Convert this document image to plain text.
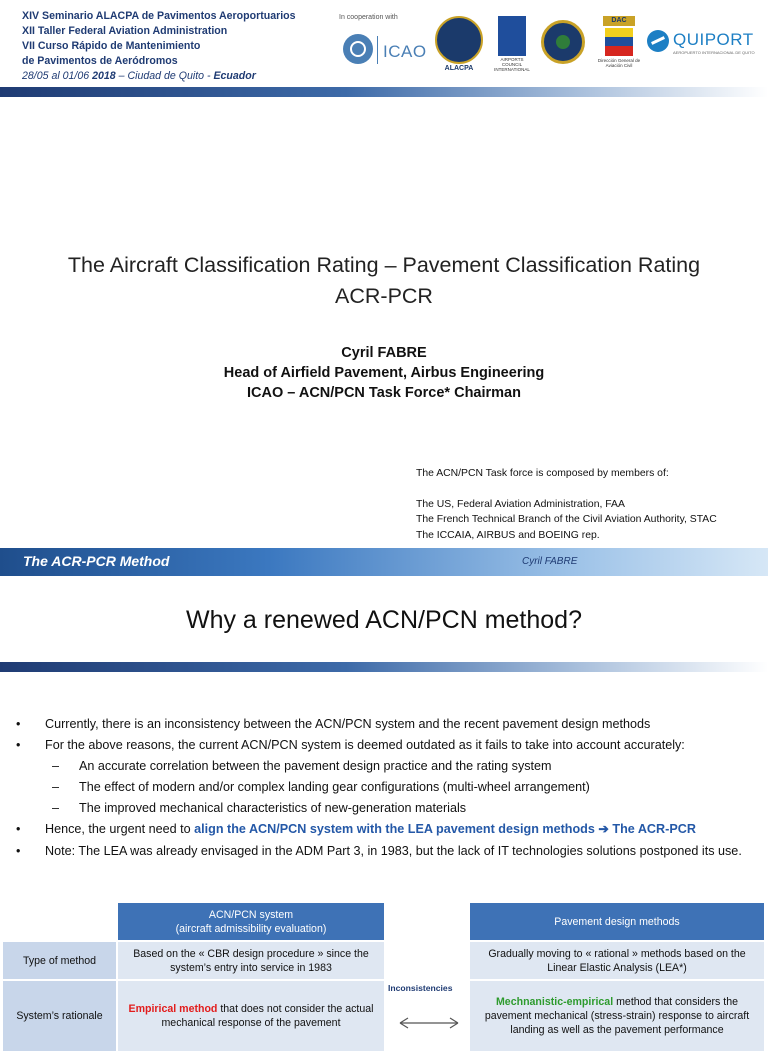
XIV Seminario ALACPA de Pavimentos Aeroportuarios
XII Taller Federal Aviation Administration
VII Curso Rápido de Mantenimiento
de Pavimentos de Aeródromos
28/05 al 01/06 2018 – Ciudad de Quito - Ecuador
In cooperation with
ICAO
ALACPA
AIRPORTS COUNCIL INTERNATIONAL
DAC
Dirección General de Aviación Civil
QUIPORT
AEROPUERTO INTERNACIONAL DE QUITO
The Aircraft Classification Rating – Pavement Classification Rating
ACR-PCR
Cyril FABRE
Head of Airfield Pavement, Airbus Engineering
ICAO – ACN/PCN Task Force* Chairman
The ACN/PCN Task force is composed by members of:
The US, Federal Aviation Administration, FAA
The French Technical Branch of the Civil Aviation Authority, STAC
The ICCAIA, AIRBUS and BOEING rep.
The ACR-PCR Method	Cyril FABRE
Why a renewed ACN/PCN method?
• Currently, there is an inconsistency between the ACN/PCN system and the recent pavement design methods
• For the above reasons, the current ACN/PCN system is deemed outdated as it fails to take into account accurately:
– An accurate correlation between the pavement design practice and the rating system
– The effect of modern and/or complex landing gear configurations (multi-wheel arrangement)
– The improved mechanical characteristics of new-generation materials
• Hence, the urgent need to align the ACN/PCN system with the LEA pavement design methods ➔ The ACR-PCR
• Note: The LEA was already envisaged in the ADM Part 3, in 1983, but the lack of IT technologies solutions postponed its use.
ACN/PCN system
(aircraft admissibility evaluation)
Pavement design methods
Type of method
Based on the « CBR design procedure » since the system’s entry into service in 1983
Gradually moving to « rational » methods based on the Linear Elastic Analysis (LEA*)
System’s rationale
Empirical method that does not consider the actual mechanical response of the pavement
Mechnanistic-empirical method that considers the pavement mechanical (stress-strain) response to aircraft landing as well as the pavement performance
Inconsistencies
